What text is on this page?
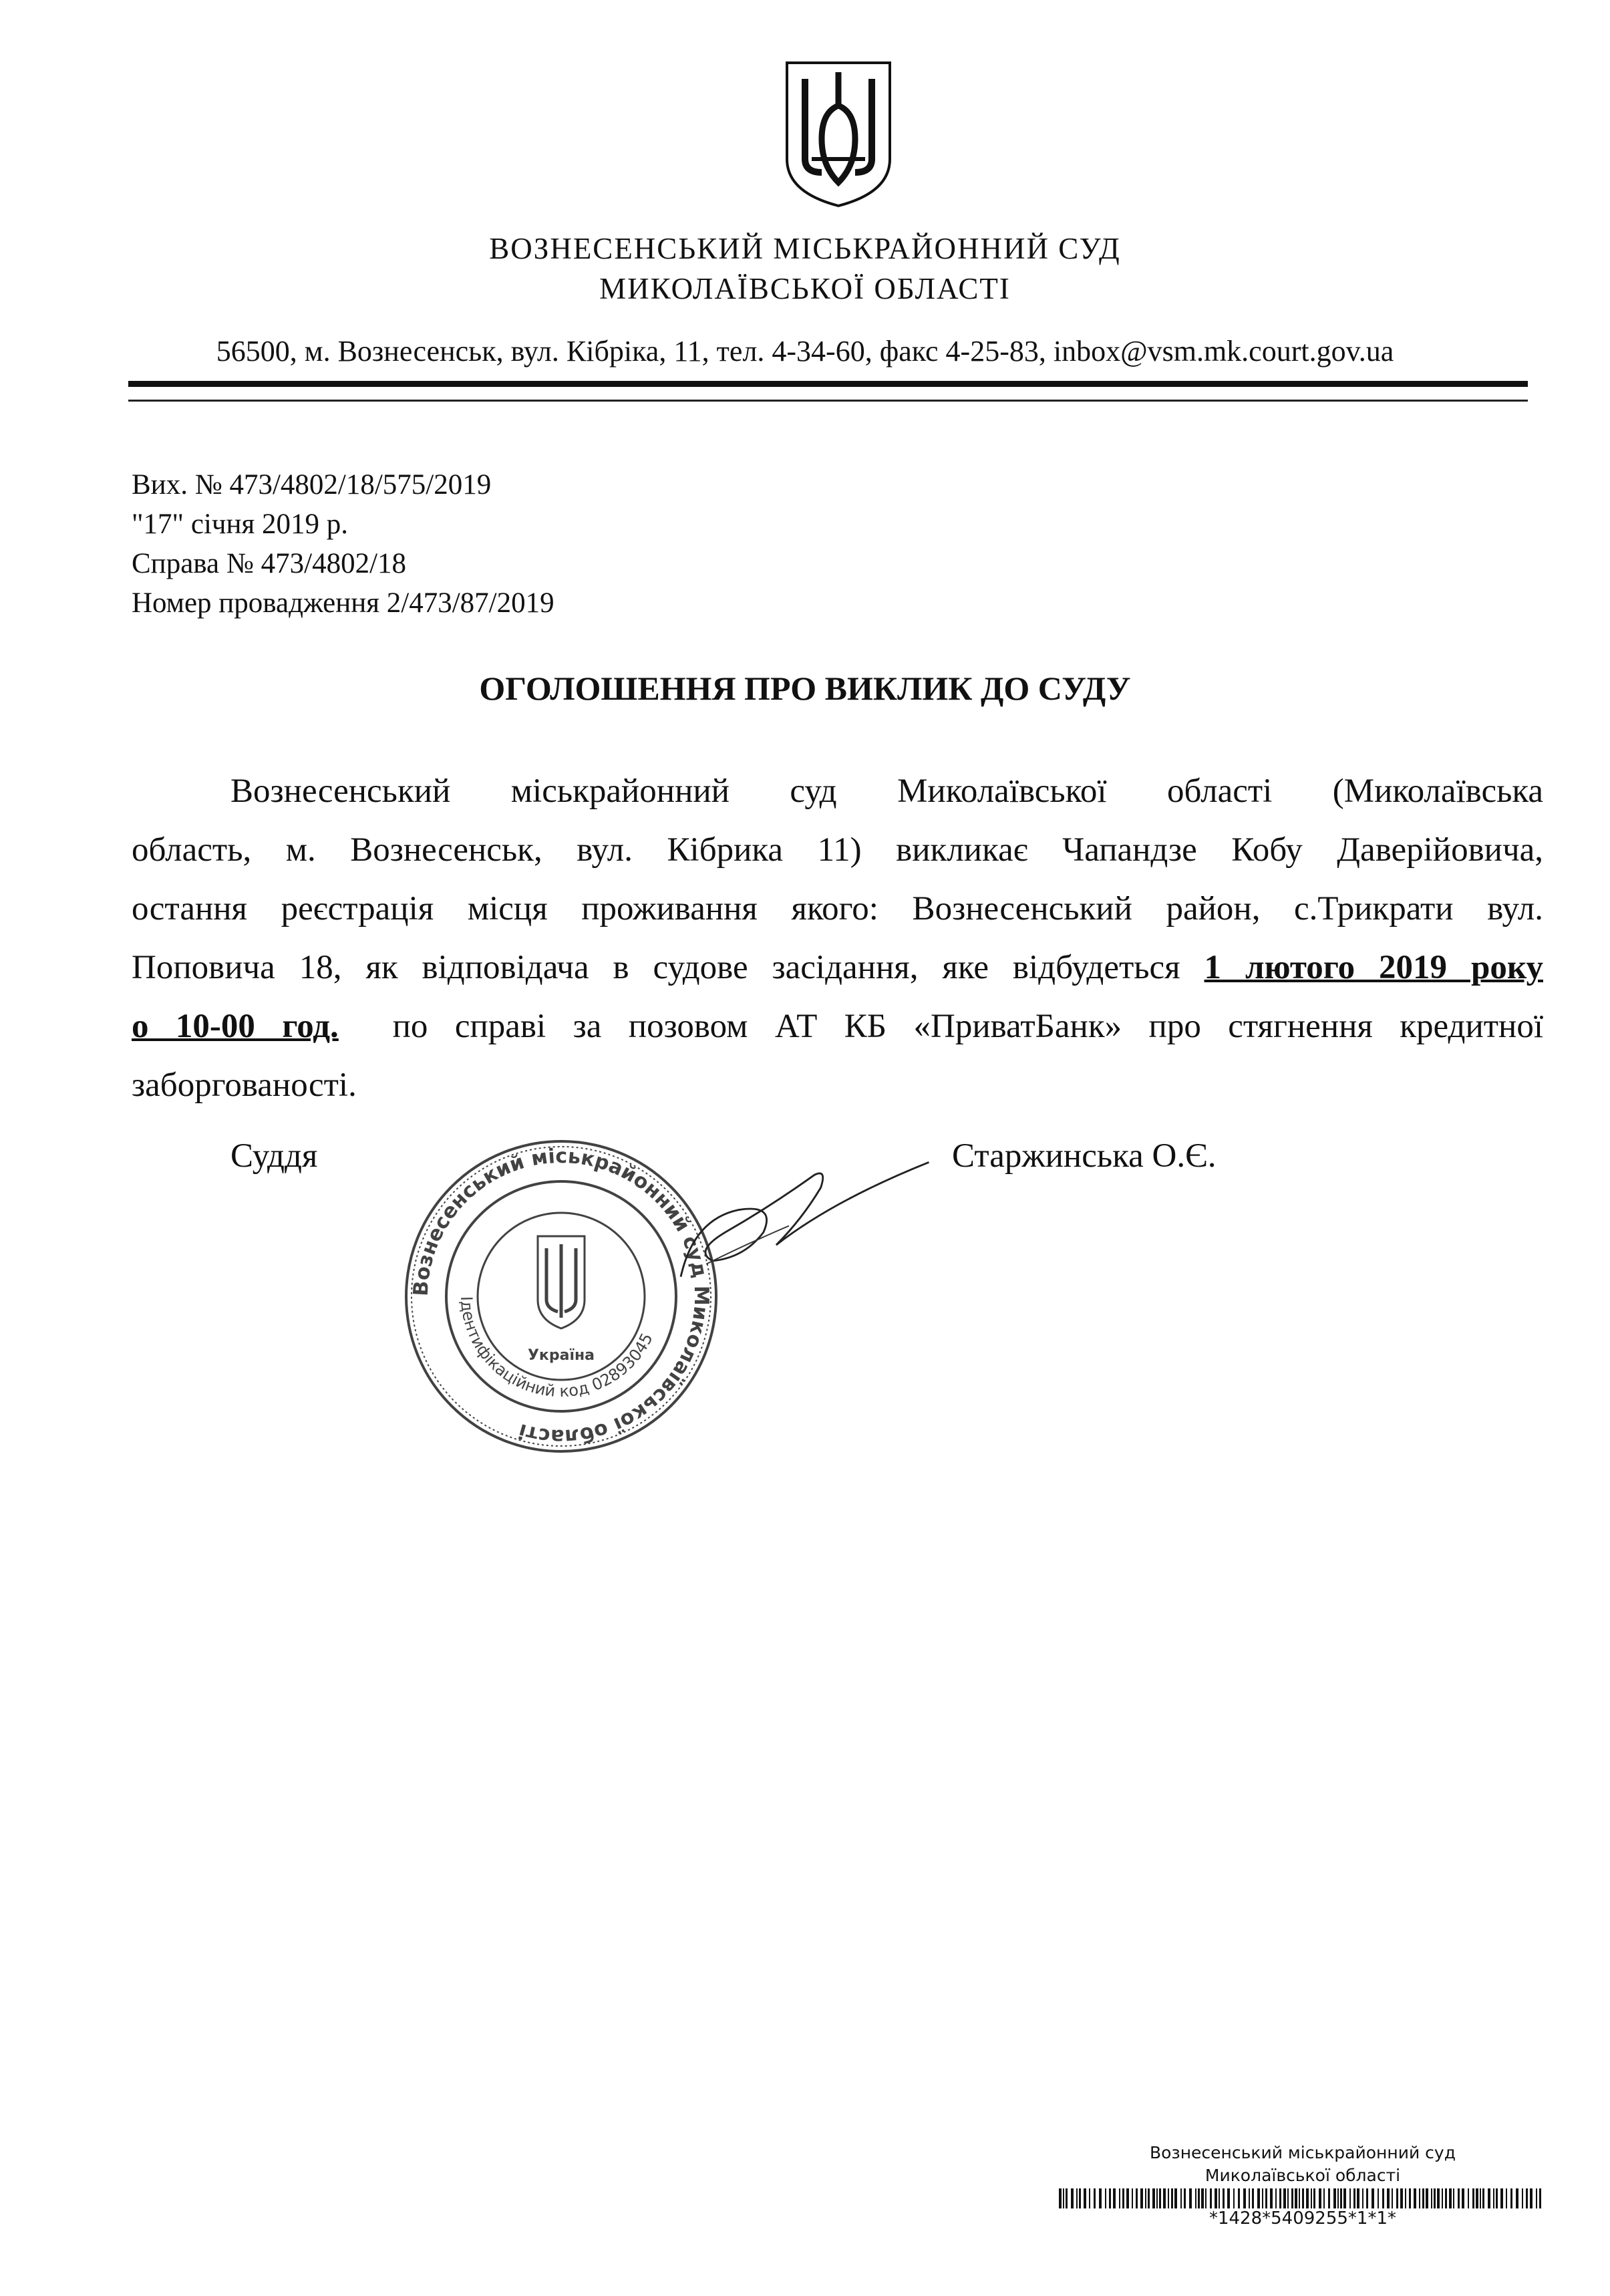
ВОЗНЕСЕНСЬКИЙ МІСЬКРАЙОННИЙ СУД
МИКОЛАЇВСЬКОЇ ОБЛАСТІ
56500, м. Вознесенськ, вул. Кібріка, 11, тел. 4-34-60, факс 4-25-83, inbox@vsm.mk.court.gov.ua
Вих. № 473/4802/18/575/2019
"17" січня 2019 р.
Справа № 473/4802/18
Номер провадження 2/473/87/2019
ОГОЛОШЕННЯ ПРО ВИКЛИК ДО СУДУ
Вознесенський міськрайонний суд Миколаївської області (Миколаївська
область, м. Вознесенськ, вул. Кібрика 11) викликає Чапандзе Кобу Даверійовича,
остання реєстрація місця проживання якого: Вознесенський район, с.Трикрати вул.
Поповича 18, як відповідача в судове засідання, яке відбудеться 1 лютого 2019 року
о 10-00 год.  по справі за позовом АТ КБ «ПриватБанк» про стягнення кредитної
заборгованості.
Вознесенський міськрайонний суд Миколаївської області
Ідентифікаційний код 02893045
Україна
Суддя	Старжинська О.Є.
Вознесенський міськрайонний суд
Миколаївської області
*1428*5409255*1*1*
